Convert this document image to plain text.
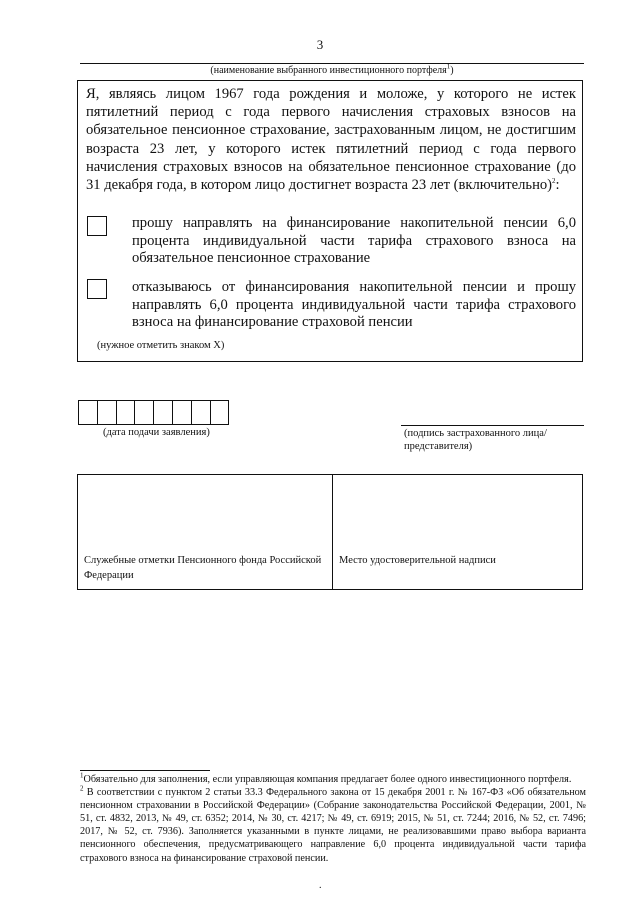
3
(наименование выбранного инвестиционного портфеля$^1$)
Я, являясь лицом 1967 года рождения и моложе, у которого не истек пятилетний период с года первого начисления страховых взносов на обязательное пенсионное страхование, застрахованным лицом, не достигшим возраста 23 лет, у которого истек пятилетний период с года первого начисления страховых взносов на обязательное пенсионное страхование (до 31 декабря года, в котором лицо достигнет возраста 23 лет (включительно)$^2$:
прошу направлять на финансирование накопительной пенсии 6,0 процента индивидуальной части тарифа страхового взноса на обязательное пенсионное страхование
отказываюсь от финансирования накопительной пенсии и прошу направлять 6,0 процента индивидуальной части тарифа страхового взноса на финансирование страховой пенсии
(нужное отметить знаком X)
(дата подачи заявления)	(подпись застрахованного лица/ представителя)
Служебные отметки Пенсионного фонда Российской Федерации
Место удостоверительной надписи

$^1$Обязательно для заполнения, если управляющая компания предлагает более одного инвестиционного портфеля.

$^2$ В соответствии с пунктом 2 статьи 33.3 Федерального закона от 15 декабря 2001 г. № 167-ФЗ «Об обязательном пенсионном страховании в Российской Федерации» (Собрание законодательства Российской Федерации, 2001, № 51, ст. 4832, 2013, № 49, ст. 6352; 2014, № 30, ст. 4217; № 49, ст. 6919; 2015, № 51, ст. 7244; 2016, № 52, ст. 7496; 2017, № 52, ст. 7936). Заполняется указанными в пункте лицами, не реализовавшими право выбора варианта пенсионного обеспечения, предусматривающего направление 6,0 процента индивидуальной части тарифа страхового взноса на финансирование страховой пенсии.

.
